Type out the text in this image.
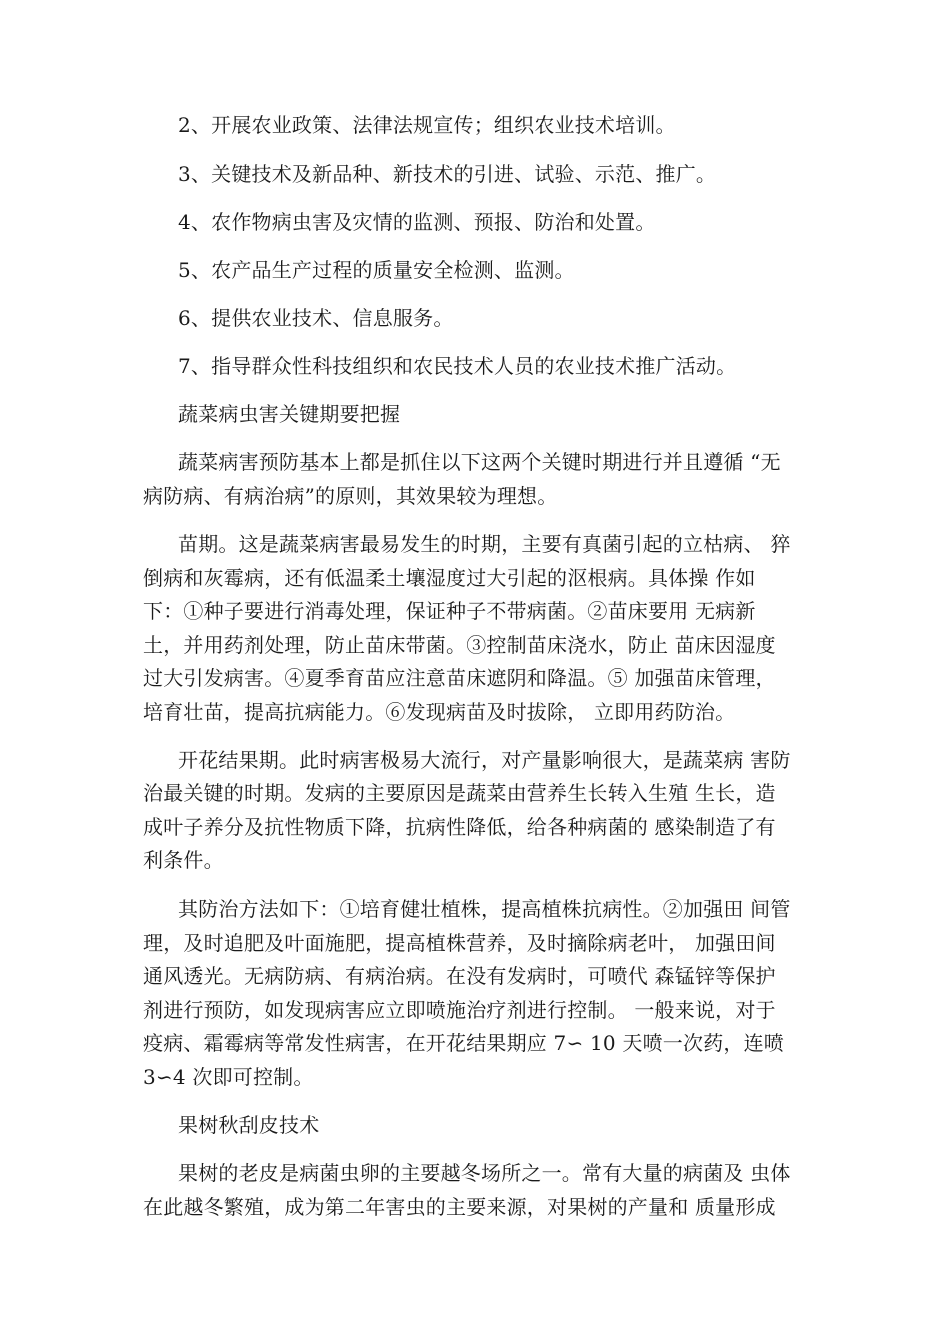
2、开展农业政策、法律法规宣传；组织农业技术培训。
3、关键技术及新品种、新技术的引进、试验、示范、推广。
4、农作物病虫害及灾情的监测、预报、防治和处置。
5、农产品生产过程的质量安全检测、监测。
6、提供农业技术、信息服务。
7、指导群众性科技组织和农民技术人员的农业技术推广活动。
蔬菜病虫害关键期要把握
蔬菜病害预防基本上都是抓住以下这两个关键时期进行并且遵循 “无
病防病、有病治病”的原则，其效果较为理想。
苗期。这是蔬菜病害最易发生的时期，主要有真菌引起的立枯病、 猝
倒病和灰霉病，还有低温柔土壤湿度过大引起的沤根病。具体操 作如
下：①种子要进行消毒处理，保证种子不带病菌。②苗床要用 无病新
土，并用药剂处理，防止苗床带菌。③控制苗床浇水，防止 苗床因湿度
过大引发病害。④夏季育苗应注意苗床遮阴和降温。⑤ 加强苗床管理，
培育壮苗，提高抗病能力。⑥发现病苗及时拔除， 立即用药防治。
开花结果期。此时病害极易大流行，对产量影响很大，是蔬菜病 害防
治最关键的时期。发病的主要原因是蔬菜由营养生长转入生殖 生长，造
成叶子养分及抗性物质下降，抗病性降低，给各种病菌的 感染制造了有
利条件。
其防治方法如下：①培育健壮植株，提高植株抗病性。②加强田 间管
理，及时追肥及叶面施肥，提高植株营养，及时摘除病老叶， 加强田间
通风透光。无病防病、有病治病。在没有发病时，可喷代 森锰锌等保护
剂进行预防，如发现病害应立即喷施治疗剂进行控制。 一般来说，对于
疫病、霜霉病等常发性病害，在开花结果期应 7∽ 10 天喷一次药，连喷
3∽4 次即可控制。
果树秋刮皮技术
果树的老皮是病菌虫卵的主要越冬场所之一。常有大量的病菌及 虫体
在此越冬繁殖，成为第二年害虫的主要来源，对果树的产量和 质量形成
